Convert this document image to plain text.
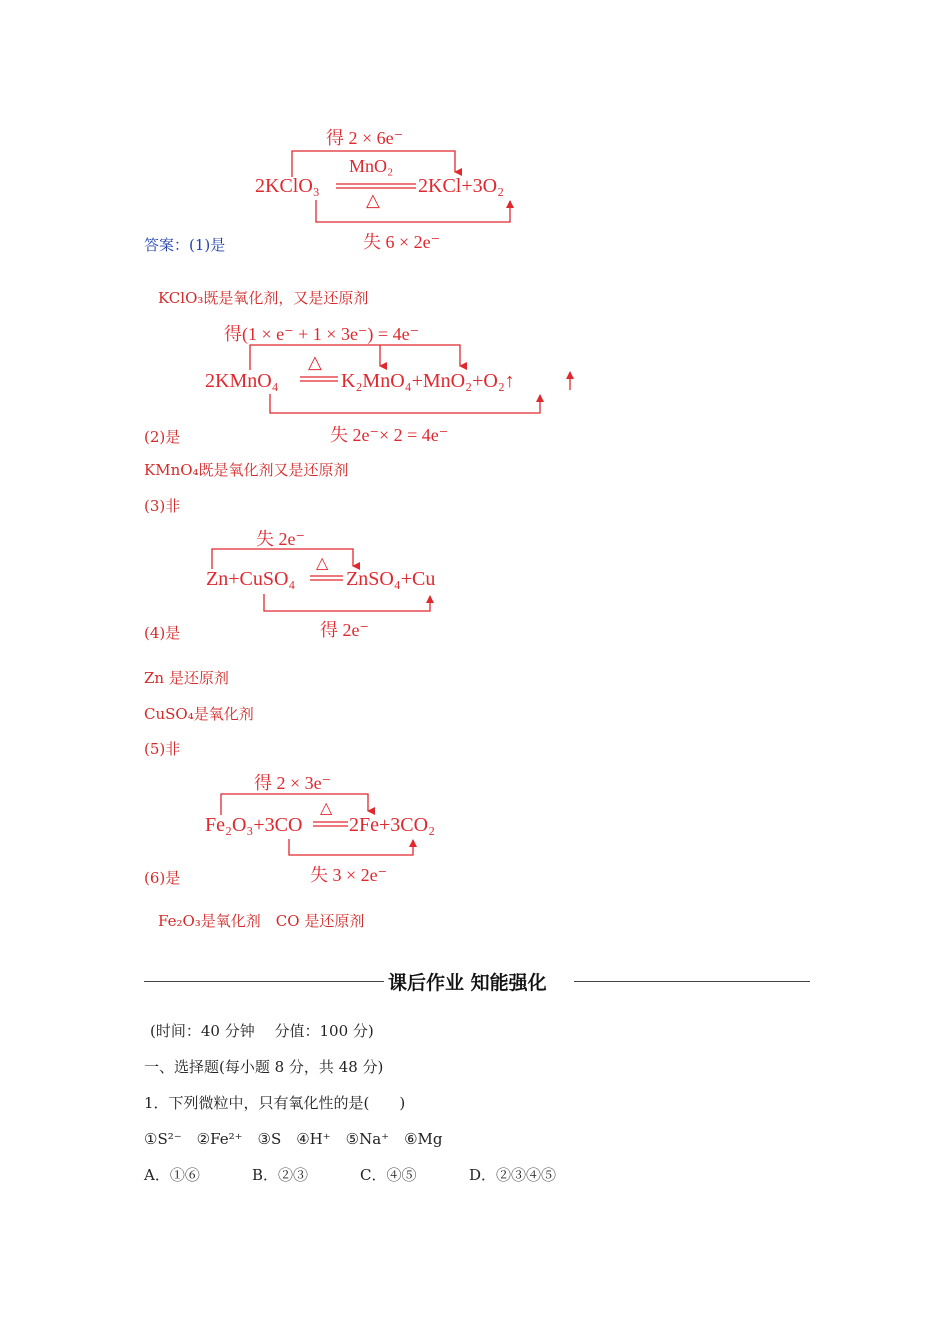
得 2 × 6e⁻
MnO₂
2KClO₃	2KCl+3O₂
△
失 6 × 2e⁻
答案：(1)是
KClO₃既是氧化剂，又是还原剂
得(1 × e⁻ + 1 × 3e⁻) = 4e⁻
△
2KMnO₄	K₂MnO₄+MnO₂+O₂↑
(2)是	失 2e⁻× 2 = 4e⁻
KMnO₄既是氧化剂又是还原剂
(3)非
失 2e⁻
△
Zn+CuSO₄	ZnSO₄+Cu
得 2e⁻
(4)是
Zn 是还原剂
CuSO₄是氧化剂
(5)非
得 2 × 3e⁻
△
Fe₂O₃+3CO 2Fe+3CO₂
(6)是	失 3 × 2e⁻
Fe₂O₃是氧化剂　CO 是还原剂
课后作业 知能强化
(时间：40 分钟　 分值：100 分)
一、选择题(每小题 8 分，共 48 分)
1．下列微粒中，只有氧化性的是(　　)
①S²⁻　②Fe²⁺　③S　④H⁺　⑤Na⁺　⑥Mg
A．①⑥	B．②③	C．④⑤	D．②③④⑤
